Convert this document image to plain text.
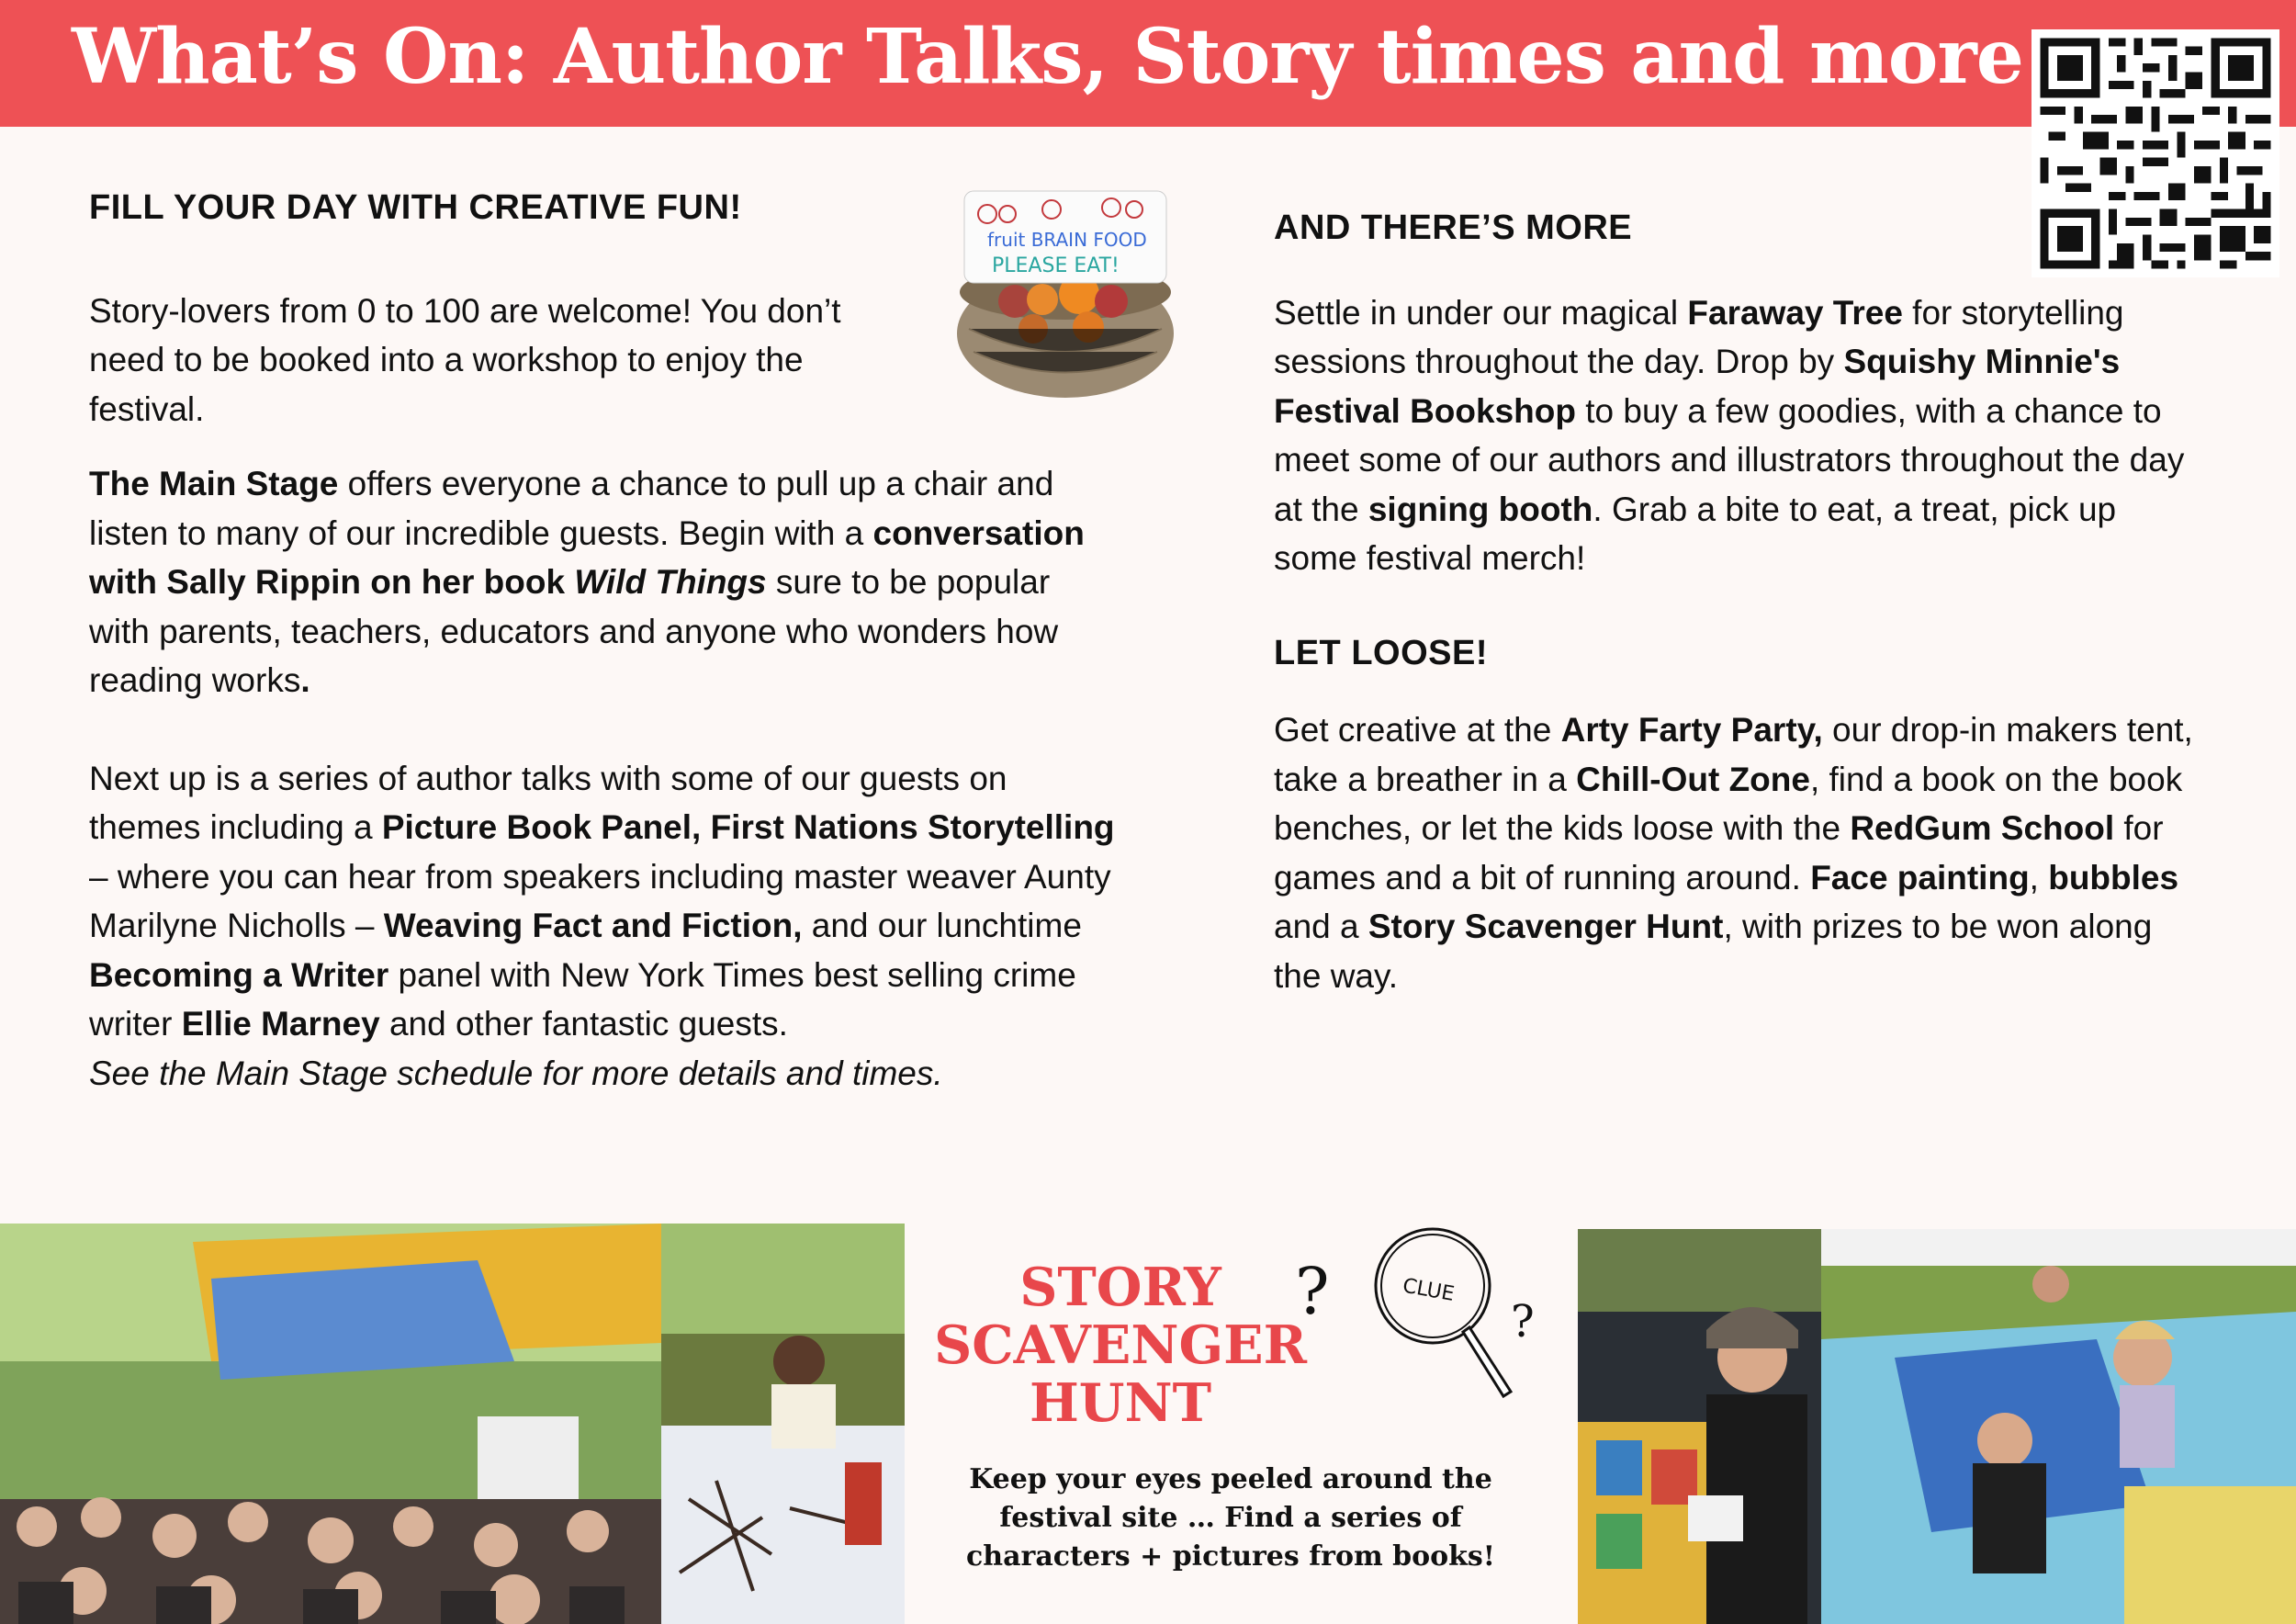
What’s On: Author Talks, Story times and more

FILL YOUR DAY WITH CREATIVE FUN!

Story-lovers from 0 to 100 are welcome! You don’t need to be booked into a workshop to enjoy the festival.

The Main Stage offers everyone a chance to pull up a chair and listen to many of our incredible guests. Begin with a conversation with Sally Rippin on her book Wild Things sure to be popular with parents, teachers, educators and anyone who wonders how reading works.

Next up is a series of author talks with some of our guests on themes including a Picture Book Panel, First Nations Storytelling – where you can hear from speakers including master weaver Aunty Marilyne Nicholls – Weaving Fact and Fiction, and our lunchtime Becoming a Writer panel with New York Times best selling crime writer Ellie Marney and other fantastic guests.
See the Main Stage schedule for more details and times.

fruit BRAIN FOOD
PLEASE EAT!

AND THERE’S MORE

Settle in under our magical Faraway Tree for storytelling sessions throughout the day. Drop by Squishy Minnie's Festival Bookshop to buy a few goodies, with a chance to meet some of our authors and illustrators throughout the day at the signing booth. Grab a bite to eat, a treat, pick up some festival merch!

LET LOOSE!

Get creative at the Arty Farty Party, our drop-in makers tent, take a breather in a Chill-Out Zone, find a book on the book benches, or let the kids loose with the RedGum School for games and a bit of running around. Face painting, bubbles and a Story Scavenger Hunt, with prizes to be won along the way.

STORY
SCAVENGER
HUNT
?	CLUE
?
Keep your eyes peeled around the
festival site … Find a series of
characters + pictures from books!
